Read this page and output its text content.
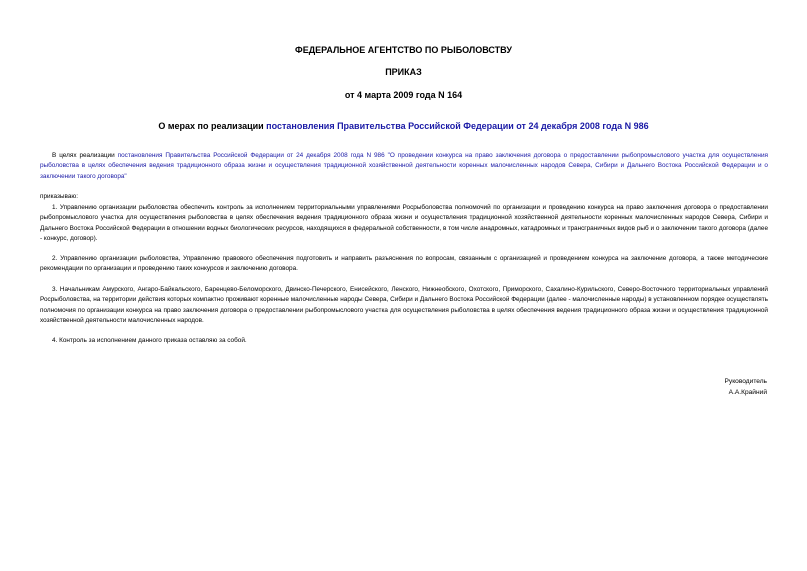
ФЕДЕРАЛЬНОЕ АГЕНТСТВО ПО РЫБОЛОВСТВУ
ПРИКАЗ
от 4 марта 2009 года N 164
О мерах по реализации постановления Правительства Российской Федерации от 24 декабря 2008 года N 986
В целях реализации постановления Правительства Российской Федерации от 24 декабря 2008 года N 986 "О проведении конкурса на право заключения договора о предоставлении рыбопромыслового участка для осуществления рыболовства в целях обеспечения ведения традиционного образа жизни и осуществления традиционной хозяйственной деятельности коренных малочисленных народов Севера, Сибири и Дальнего Востока Российской Федерации и о заключении такого договора"
приказываю:
1. Управлению организации рыболовства обеспечить контроль за исполнением территориальными управлениями Росрыболовства полномочий по организации и проведению конкурса на право заключения договора о предоставлении рыбопромыслового участка для осуществления рыболовства в целях обеспечения ведения традиционного образа жизни и осуществления традиционной хозяйственной деятельности коренных малочисленных народов Севера, Сибири и Дальнего Востока Российской Федерации в отношении водных биологических ресурсов, находящихся в федеральной собственности, в том числе анадромных, катадромных и трансграничных видов рыб и о заключении такого договора (далее - конкурс, договор).
2. Управлению организации рыболовства, Управлению правового обеспечения подготовить и направить разъяснения по вопросам, связанным с организацией и проведением конкурса на заключение договора, а также методические рекомендации по организации и проведению таких конкурсов и заключению договора.
3. Начальникам Амурского, Ангаро-Байкальского, Баренцево-Беломорского, Двинско-Печерского, Енисейского, Ленского, Нижнеобского, Охотского, Приморского, Сахалино-Курильского, Северо-Восточного территориальных управлений Росрыболовства, на территории действия которых компактно проживают коренные малочисленные народы Севера, Сибири и Дальнего Востока Российской Федерации (далее - малочисленные народы) в установленном порядке осуществлять полномочия по организации конкурса на право заключения договора о предоставлении рыбопромыслового участка для осуществления рыболовства в целях обеспечения ведения традиционного образа жизни и осуществления традиционной хозяйственной деятельности малочисленных народов.
4. Контроль за исполнением данного приказа оставляю за собой.
Руководитель
А.А.Крайний
